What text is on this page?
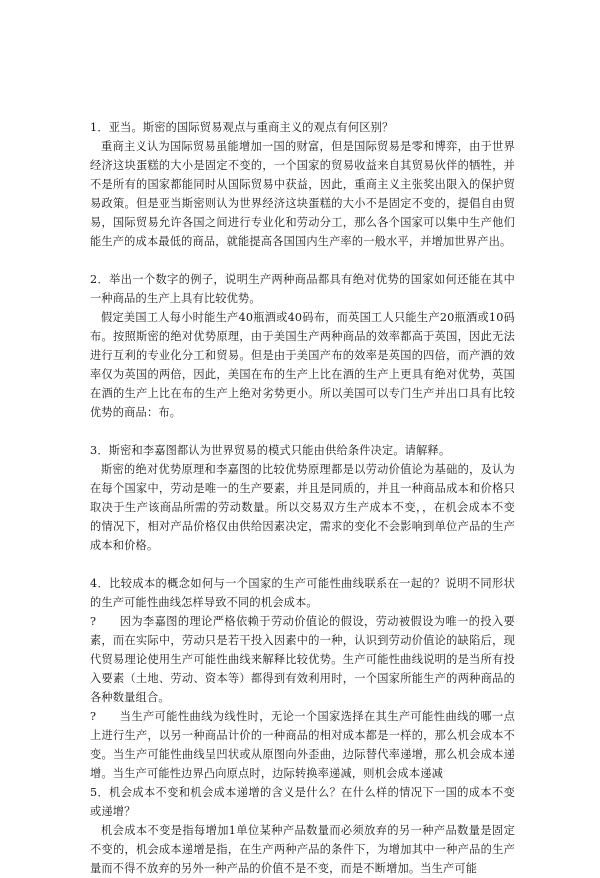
1．亚当。斯密的国际贸易观点与重商主义的观点有何区别？

重商主义认为国际贸易虽能增加一国的财富，但是国际贸易是零和博弈，由于世界经济这块蛋糕的大小是固定不变的，一个国家的贸易收益来自其贸易伙伴的牺牲，并不是所有的国家都能同时从国际贸易中获益，因此，重商主义主张奖出限入的保护贸易政策。但是亚当斯密则认为世界经济这块蛋糕的大小不是固定不变的，提倡自由贸易，国际贸易允许各国之间进行专业化和劳动分工，那么各个国家可以集中生产他们能生产的成本最低的商品，就能提高各国国内生产率的一般水平，并增加世界产出。

2．举出一个数字的例子，说明生产两种商品都具有绝对优势的国家如何还能在其中一种商品的生产上具有比较优势。

假定美国工人每小时能生产40瓶酒或40码布，而英国工人只能生产20瓶酒或10码布。按照斯密的绝对优势原理，由于美国生产两种商品的效率都高于英国，因此无法进行互利的专业化分工和贸易。但是由于美国产布的效率是英国的四倍，而产酒的效率仅为英国的两倍，因此，美国在布的生产上比在酒的生产上更具有绝对优势，英国在酒的生产上比在布的生产上绝对劣势更小。所以美国可以专门生产并出口具有比较优势的商品：布。

3．斯密和李嘉图都认为世界贸易的模式只能由供给条件决定。请解释。

斯密的绝对优势原理和李嘉图的比较优势原理都是以劳动价值论为基础的，及认为在每个国家中，劳动是唯一的生产要素，并且是同质的，并且一种商品成本和价格只取决于生产该商品所需的劳动数量。所以交易双方生产成本不变，，在机会成本不变的情况下，相对产品价格仅由供给因素决定，需求的变化不会影响到单位产品的生产成本和价格。

4．比较成本的概念如何与一个国家的生产可能性曲线联系在一起的？说明不同形状的生产可能性曲线怎样导致不同的机会成本。

?　　因为李嘉图的理论严格依赖于劳动价值论的假设，劳动被假设为唯一的投入要素，而在实际中，劳动只是若干投入因素中的一种，认识到劳动价值论的缺陷后，现代贸易理论使用生产可能性曲线来解释比较优势。生产可能性曲线说明的是当所有投入要素（土地、劳动、资本等）都得到有效利用时，一个国家所能生产的两种商品的各种数量组合。

?　　当生产可能性曲线为线性时，无论一个国家选择在其生产可能性曲线的哪一点上进行生产，以另一种商品计价的一种商品的相对成本都是一样的，那么机会成本不变。当生产可能性曲线呈凹状或从原图向外歪曲，边际替代率递增，那么机会成本递增。当生产可能性边界凸向原点时，边际转换率递减，则机会成本递减

5．机会成本不变和机会成本递增的含义是什么？在什么样的情况下一国的成本不变或递增？

机会成本不变是指每增加1单位某种产品数量而必须放弃的另一种产品数量是固定不变的，机会成本递增是指，在生产两种产品的条件下，为增加其中一种产品的生产量而不得不放弃的另外一种产品的价值不是不变，而是不断增加。当生产可能
